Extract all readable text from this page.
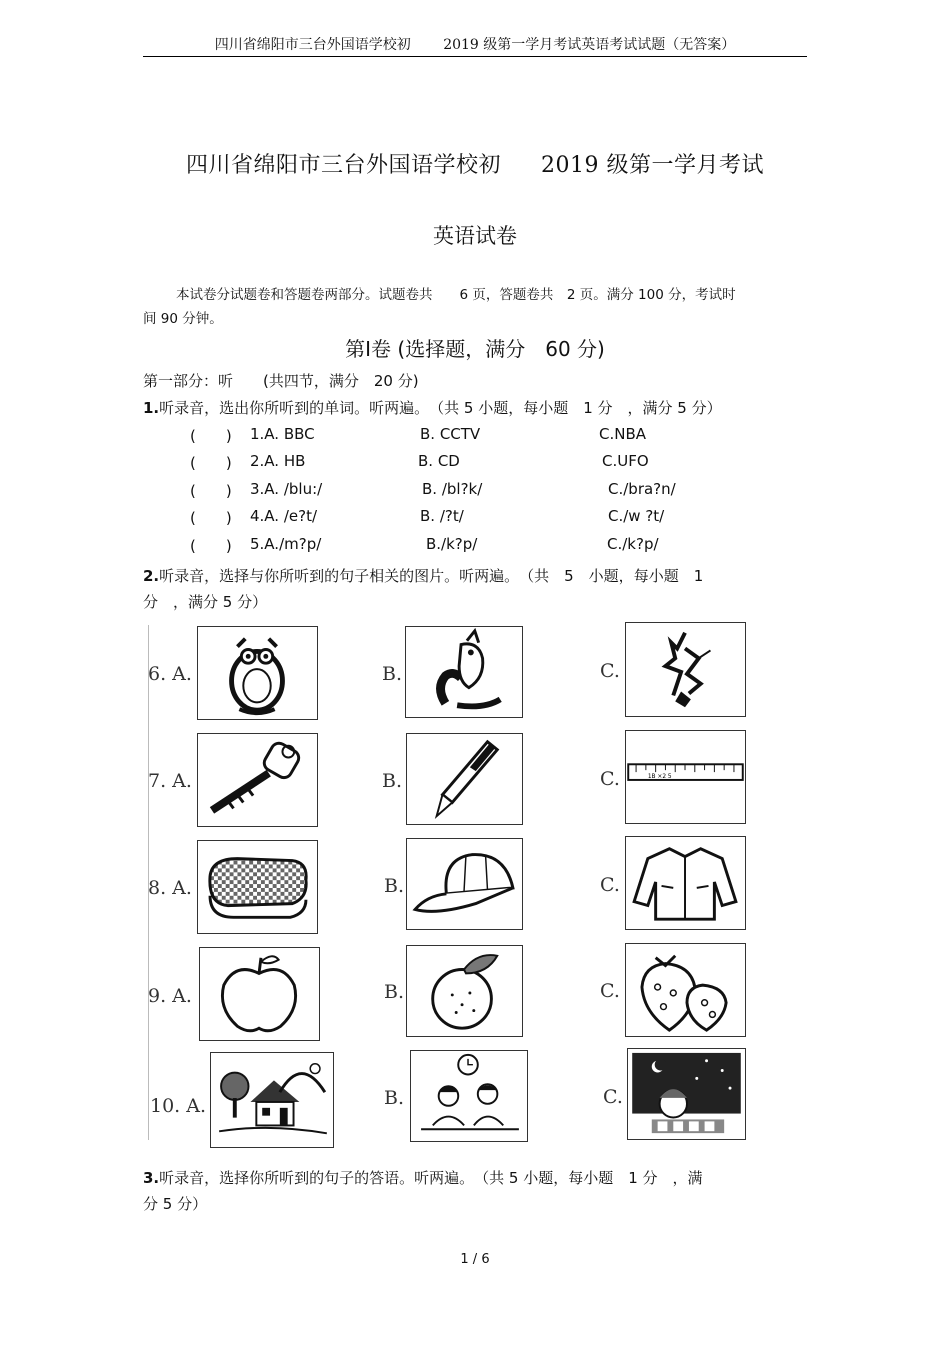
四川省绵阳市三台外国语学校初 2019 级第一学月考试英语考试试题（无答案）
四川省绵阳市三台外国语学校初 2019 级第一学月考试
英语试卷
本试卷分试题卷和答题卷两部分。试题卷共　　6 页，答题卷共　2 页。满分 100 分，考试时
间 90 分钟。
第Ⅰ卷 (选择题，满分　60 分)
第一部分：听　　(共四节，满分　20 分)
1.听录音，选出你所听到的单词。听两遍。　（共 5 小题，每小题　1 分　，满分 5 分）
(　　)	1.A. BBC	B. CCTV	C.NBA
(　　)	2.A. HB	B. CD	C.UFO
(　　)	3.A. /blu:/	B. /bl?k/	C./bra?n/
(　　)	4.A. /e?t/	B. /?t/	C./w ?t/
(　　)	5.A./m?p/	B./k?p/	C./k?p/
2.听录音，选择与你所听到的句子相关的图片。听两遍。　（共　5　小题，每小题　1
分　，满分 5 分）
6. A.	B.	C.
7. A.	B.	C.	1B ×2 5
8. A.	B.	C.
9. A.	B.	C.
10. A.	B.	C.
3.听录音，选择你所听到的句子的答语。听两遍。　（共 5 小题，每小题　1 分　，满
分 5 分）
1 / 6
